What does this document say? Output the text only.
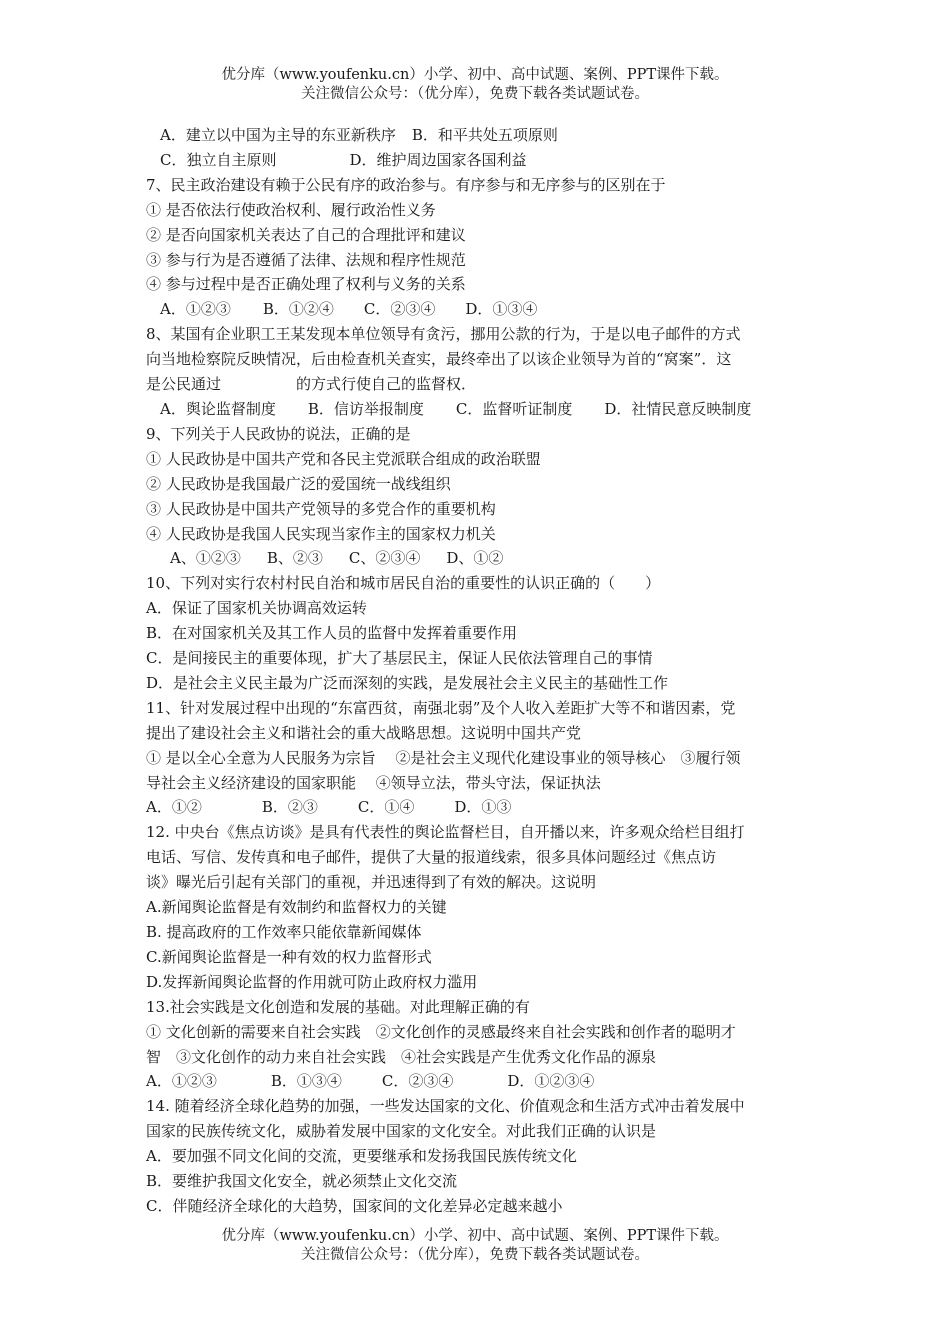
优分库（www.youfenku.cn）小学、初中、高中试题、案例、PPT课件下载。
关注微信公众号：（优分库），免费下载各类试题试卷。
A．建立以中国为主导的东亚新秩序 B．和平共处五项原则
C．独立自主原则	D．维护周边国家各国利益
7、民主政治建设有赖于公民有序的政治参与。有序参与和无序参与的区别在于
① 是否依法行使政治权利、履行政治性义务
② 是否向国家机关表达了自己的合理批评和建议
③ 参与行为是否遵循了法律、法规和程序性规范
④ 参与过程中是否正确处理了权利与义务的关系
A．①②③ B．①②④ C．②③④ D．①③④
8、某国有企业职工王某发现本单位领导有贪污，挪用公款的行为，于是以电子邮件的方式
向当地检察院反映情况，后由检查机关查实，最终牵出了以该企业领导为首的“窝案”．这
是公民通过　　　　　的方式行使自己的监督权．
A．舆论监督制度 B．信访举报制度 C．监督听证制度 D．社情民意反映制度
9、下列关于人民政协的说法，正确的是
① 人民政协是中国共产党和各民主党派联合组成的政治联盟
② 人民政协是我国最广泛的爱国统一战线组织
③ 人民政协是中国共产党领导的多党合作的重要机构
④ 人民政协是我国人民实现当家作主的国家权力机关
A、①②③ B、②③ C、②③④ D、①②
10、下列对实行农村村民自治和城市居民自治的重要性的认识正确的（　　）
A．保证了国家机关协调高效运转
B．在对国家机关及其工作人员的监督中发挥着重要作用
C．是间接民主的重要体现，扩大了基层民主，保证人民依法管理自己的事情
D．是社会主义民主最为广泛而深刻的实践，是发展社会主义民主的基础性工作
11、针对发展过程中出现的“东富西贫，南强北弱”及个人收入差距扩大等不和谐因素，党
提出了建设社会主义和谐社会的重大战略思想。这说明中国共产党
① 是以全心全意为人民服务为宗旨　 ②是社会主义现代化建设事业的领导核心　③履行领
导社会主义经济建设的国家职能　 ④领导立法，带头守法，保证执法
A．①②	B．②③	C．①④	D．①③
12. 中央台《焦点访谈》是具有代表性的舆论监督栏目，自开播以来，许多观众给栏目组打
电话、写信、发传真和电子邮件，提供了大量的报道线索，很多具体问题经过《焦点访
谈》曝光后引起有关部门的重视，并迅速得到了有效的解决。这说明
A.新闻舆论监督是有效制约和监督权力的关键
B. 提高政府的工作效率只能依靠新闻媒体
C.新闻舆论监督是一种有效的权力监督形式
D.发挥新闻舆论监督的作用就可防止政府权力滥用
13.社会实践是文化创造和发展的基础。对此理解正确的有
① 文化创新的需要来自社会实践　②文化创作的灵感最终来自社会实践和创作者的聪明才
智　③文化创作的动力来自社会实践　④社会实践是产生优秀文化作品的源泉
A．①②③	B．①③④	C．②③④	D．①②③④
14. 随着经济全球化趋势的加强，一些发达国家的文化、价值观念和生活方式冲击着发展中
国家的民族传统文化，威胁着发展中国家的文化安全。对此我们正确的认识是
A．要加强不同文化间的交流，更要继承和发扬我国民族传统文化
B．要维护我国文化安全，就必须禁止文化交流
C．伴随经济全球化的大趋势，国家间的文化差异必定越来越小
优分库（www.youfenku.cn）小学、初中、高中试题、案例、PPT课件下载。
关注微信公众号：（优分库），免费下载各类试题试卷。
